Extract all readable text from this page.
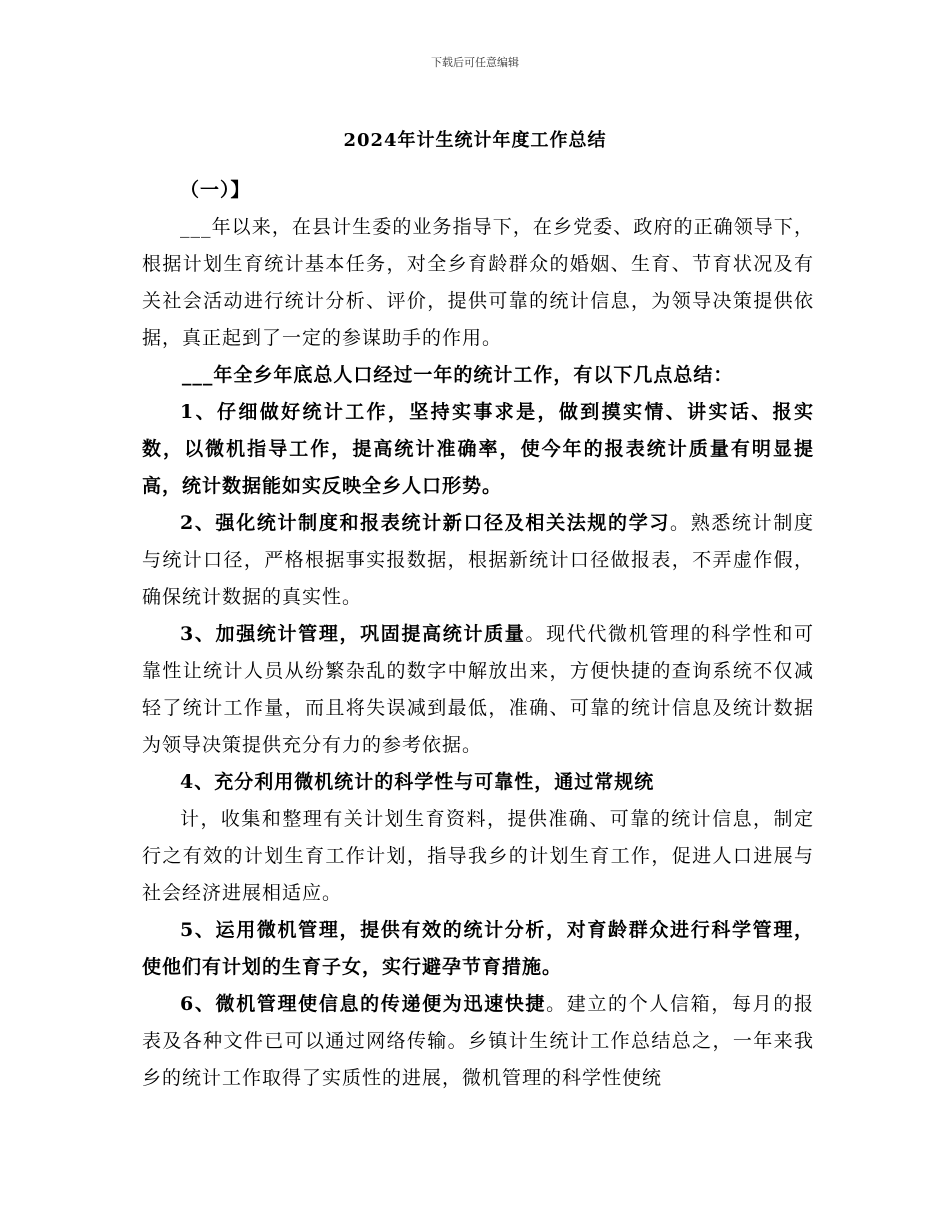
下载后可任意编辑
2024年计生统计年度工作总结

（一）】

___年以来，在县计生委的业务指导下，在乡党委、政府的正确领导下，根据计划生育统计基本任务，对全乡育龄群众的婚姻、生育、节育状况及有关社会活动进行统计分析、评价，提供可靠的统计信息，为领导决策提供依据，真正起到了一定的参谋助手的作用。

___年全乡年底总人口经过一年的统计工作，有以下几点总结：

1、仔细做好统计工作，坚持实事求是，做到摸实情、讲实话、报实数，以微机指导工作，提高统计准确率，使今年的报表统计质量有明显提高，统计数据能如实反映全乡人口形势。

2、强化统计制度和报表统计新口径及相关法规的学习。熟悉统计制度与统计口径，严格根据事实报数据，根据新统计口径做报表，不弄虚作假，确保统计数据的真实性。

3、加强统计管理，巩固提高统计质量。现代代微机管理的科学性和可靠性让统计人员从纷繁杂乱的数字中解放出来，方便快捷的查询系统不仅减轻了统计工作量，而且将失误减到最低，准确、可靠的统计信息及统计数据为领导决策提供充分有力的参考依据。

4、充分利用微机统计的科学性与可靠性，通过常规统

计，收集和整理有关计划生育资料，提供准确、可靠的统计信息，制定行之有效的计划生育工作计划，指导我乡的计划生育工作，促进人口进展与社会经济进展相适应。

5、运用微机管理，提供有效的统计分析，对育龄群众进行科学管理，使他们有计划的生育子女，实行避孕节育措施。

6、微机管理使信息的传递便为迅速快捷。建立的个人信箱，每月的报表及各种文件已可以通过网络传输。乡镇计生统计工作总结总之，一年来我乡的统计工作取得了实质性的进展，微机管理的科学性使统
